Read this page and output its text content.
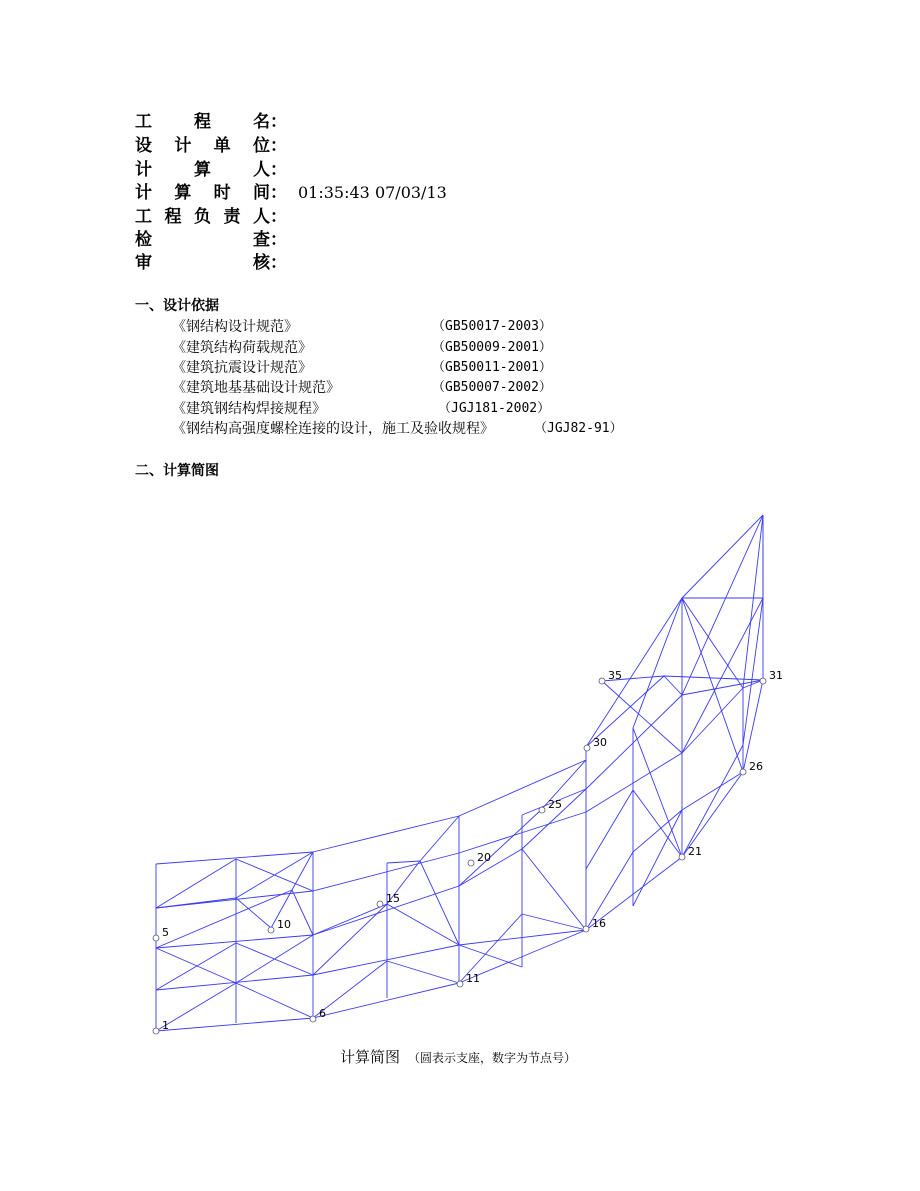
工 程 名 ：
设 计 单 位 ：
计 算 人 ：
计 算 时 间 ： 01:35:43 07/03/13
工 程 负 责 人 ：
检	查 ：
审	核 ：
一、设计依据
《钢结构设计规范》	（GB50017-2003）
《建筑结构荷载规范》	（GB50009-2001）
《建筑抗震设计规范》	（GB50011-2001）
《建筑地基基础设计规范》	（GB50007-2002）
《建筑钢结构焊接规程》	（JGJ181-2002）
《钢结构高强度螺栓连接的设计，施工及验收规程》	（JGJ82-91）
二、计算简图
1
5
6
10
11
15
16
20	21
25
26
30
31
35
计算简图 （圆表示支座，数字为节点号）
